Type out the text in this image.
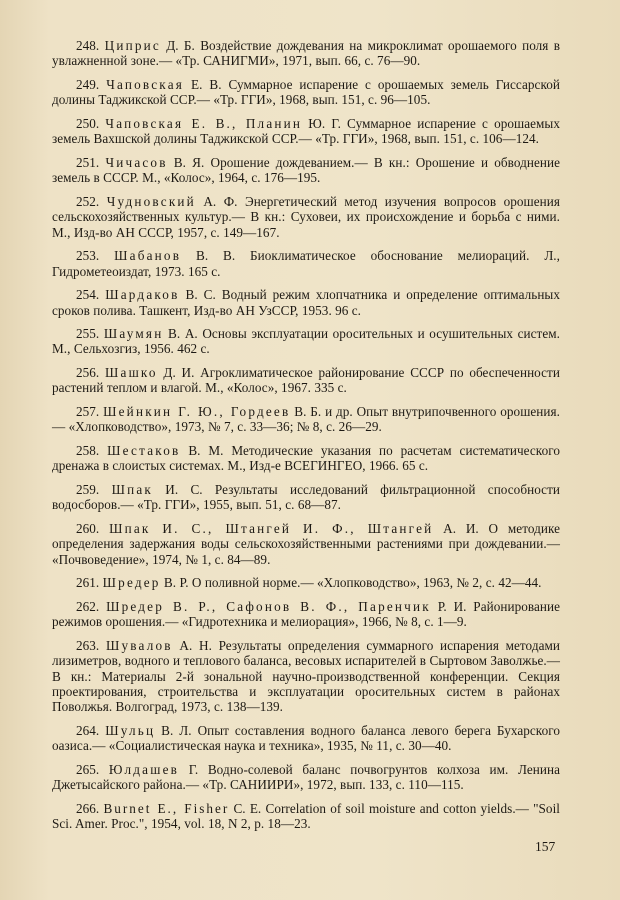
248. Циприс Д. Б. Воздействие дождевания на микроклимат орошаемого поля в увлажненной зоне.— «Тр. САНИГМИ», 1971, вып. 66, с. 76—90.

249. Чаповская Е. В. Суммарное испарение с орошаемых земель Гиссарской долины Таджикской ССР.— «Тр. ГГИ», 1968, вып. 151, с. 96—105.

250. Чаповская Е. В., Планин Ю. Г. Суммарное испарение с орошаемых земель Вахшской долины Таджикской ССР.— «Тр. ГГИ», 1968, вып. 151, с. 106—124.

251. Чичасов В. Я. Орошение дождеванием.— В кн.: Орошение и обводнение земель в СССР. М., «Колос», 1964, с. 176—195.

252. Чудновский А. Ф. Энергетический метод изучения вопросов орошения сельскохозяйственных культур.— В кн.: Суховеи, их происхождение и борьба с ними. М., Изд-во АН СССР, 1957, с. 149—167.

253. Шабанов В. В. Биоклиматическое обоснование мелиораций. Л., Гидрометеоиздат, 1973. 165 с.

254. Шардаков В. С. Водный режим хлопчатника и определение оптимальных сроков полива. Ташкент, Изд-во АН УзССР, 1953. 96 с.

255. Шаумян В. А. Основы эксплуатации оросительных и осушительных систем. М., Сельхозгиз, 1956. 462 с.

256. Шашко Д. И. Агроклиматическое районирование СССР по обеспеченности растений теплом и влагой. М., «Колос», 1967. 335 с.

257. Шейнкин Г. Ю., Гордеев В. Б. и др. Опыт внутрипочвенного орошения.— «Хлопководство», 1973, № 7, с. 33—36; № 8, с. 26—29.

258. Шестаков В. М. Методические указания по расчетам систематического дренажа в слоистых системах. М., Изд-е ВСЕГИНГЕО, 1966. 65 с.

259. Шпак И. С. Результаты исследований фильтрационной способности водосборов.— «Тр. ГГИ», 1955, вып. 51, с. 68—87.

260. Шпак И. С., Штангей И. Ф., Штангей А. И. О методике определения задержания воды сельскохозяйственными растениями при дождевании.— «Почвоведение», 1974, № 1, с. 84—89.

261. Шредер В. Р. О поливной норме.— «Хлопководство», 1963, № 2, с. 42—44.

262. Шредер В. Р., Сафонов В. Ф., Паренчик Р. И. Районирование режимов орошения.— «Гидротехника и мелиорация», 1966, № 8, с. 1—9.

263. Шувалов А. Н. Результаты определения суммарного испарения методами лизиметров, водного и теплового баланса, весовых испарителей в Сыртовом Заволжье.— В кн.: Материалы 2-й зональной научно-производственной конференции. Секция проектирования, строительства и эксплуатации оросительных систем в районах Поволжья. Волгоград, 1973, с. 138—139.

264. Шульц В. Л. Опыт составления водного баланса левого берега Бухарского оазиса.— «Социалистическая наука и техника», 1935, № 11, с. 30—40.

265. Юлдашев Г. Водно-солевой баланс почвогрунтов колхоза им. Ленина Джетысайского района.— «Тр. САНИИРИ», 1972, вып. 133, с. 110—115.

266. Burnet E., Fisher C. E. Correlation of soil moisture and cotton yields.— "Soil Sci. Amer. Proc.", 1954, vol. 18, N 2, p. 18—23.

157
